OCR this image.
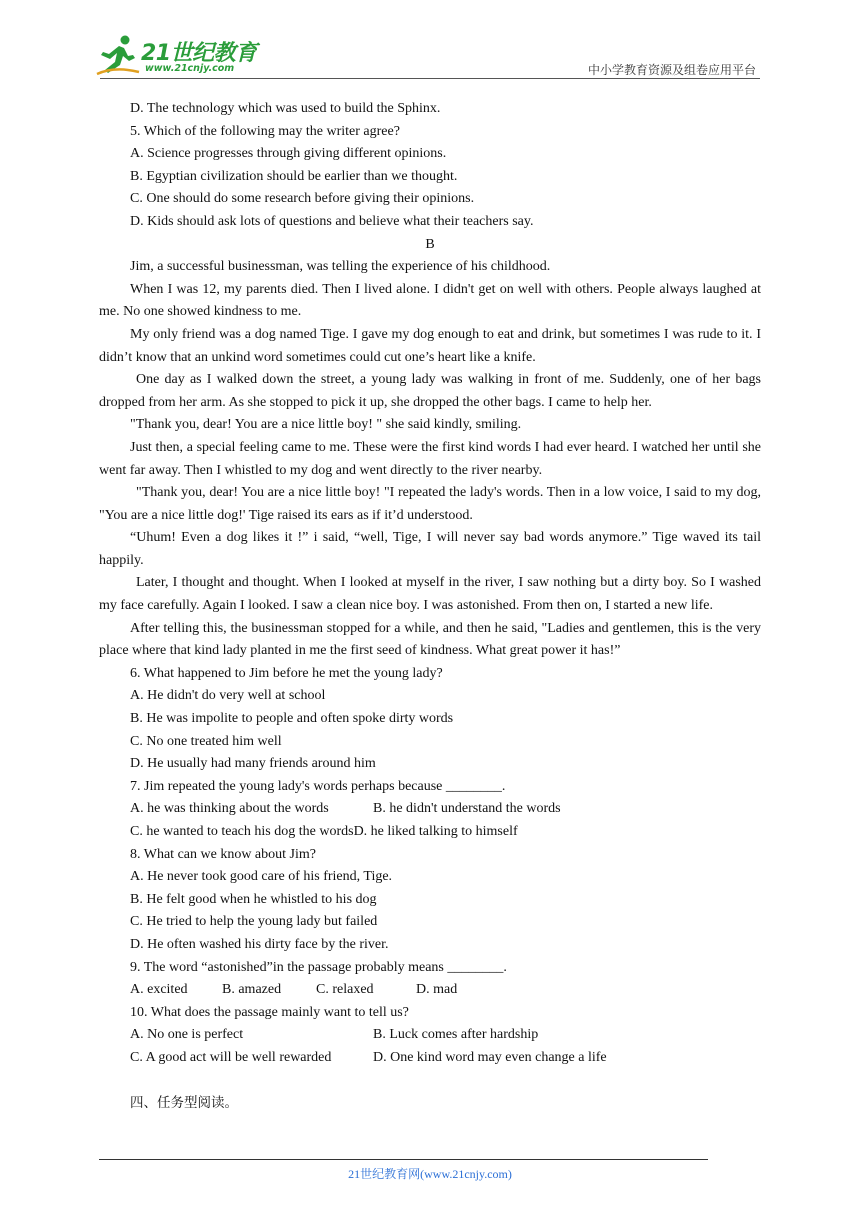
21世纪教育
www.21cnjy.com	中小学教育资源及组卷应用平台

D. The technology which was used to build the Sphinx.

5. Which of the following may the writer agree?

A. Science progresses through giving different opinions.

B. Egyptian civilization should be earlier than we thought.

C. One should do some research before giving their opinions.

D. Kids should ask lots of questions and believe what their teachers say.

B

Jim, a successful businessman, was telling the experience of his childhood.

When I was 12, my parents died. Then I lived alone. I didn't get on well with others. People always laughed at me. No one showed kindness to me.

My only friend was a dog named Tige. I gave my dog enough to eat and drink, but sometimes I was rude to it. I didn’t know that an unkind word sometimes could cut one’s heart like a knife.

One day as I walked down the street, a young lady was walking in front of me. Suddenly, one of her bags dropped from her arm. As she stopped to pick it up, she dropped the other bags. I came to help her.

"Thank you, dear! You are a nice little boy! " she said kindly, smiling.

Just then, a special feeling came to me. These were the first kind words I had ever heard. I watched her until she went far away. Then I whistled to my dog and went directly to the river nearby.

"Thank you, dear! You are a nice little boy! "I repeated the lady's words. Then in a low voice, I said to my dog, "You are a nice little dog!' Tige raised its ears as if it’d understood.

“Uhum! Even a dog likes it !” i said, “well, Tige, I will never say bad words anymore.” Tige waved its tail happily.

Later, I thought and thought. When I looked at myself in the river, I saw nothing but a dirty boy. So I washed my face carefully. Again I looked. I saw a clean nice boy. I was astonished. From then on, I started a new life.

After telling this, the businessman stopped for a while, and then he said, "Ladies and gentlemen, this is the very place where that kind lady planted in me the first seed of kindness. What great power it has!”

6. What happened to Jim before he met the young lady?

A. He didn't do very well at school

B. He was impolite to people and often spoke dirty words

C. No one treated him well

D. He usually had many friends around him

7. Jim repeated the young lady's words perhaps because ________.

A. he was thinking about the words	B. he didn't understand the words

C. he wanted to teach his dog the words D. he liked talking to himself

8. What can we know about Jim?

A. He never took good care of his friend, Tige.

B. He felt good when he whistled to his dog

C. He tried to help the young lady but failed

D. He often washed his dirty face by the river.

9. The word “astonished”in the passage probably means ________.

A. excited	B. amazed	C. relaxed	D. mad

10. What does the passage mainly want to tell us?

A. No one is perfect	B. Luck comes after hardship

C. A good act will be well rewarded	D. One kind word may even change a life

四、任务型阅读。

21世纪教育网(www.21cnjy.com)
